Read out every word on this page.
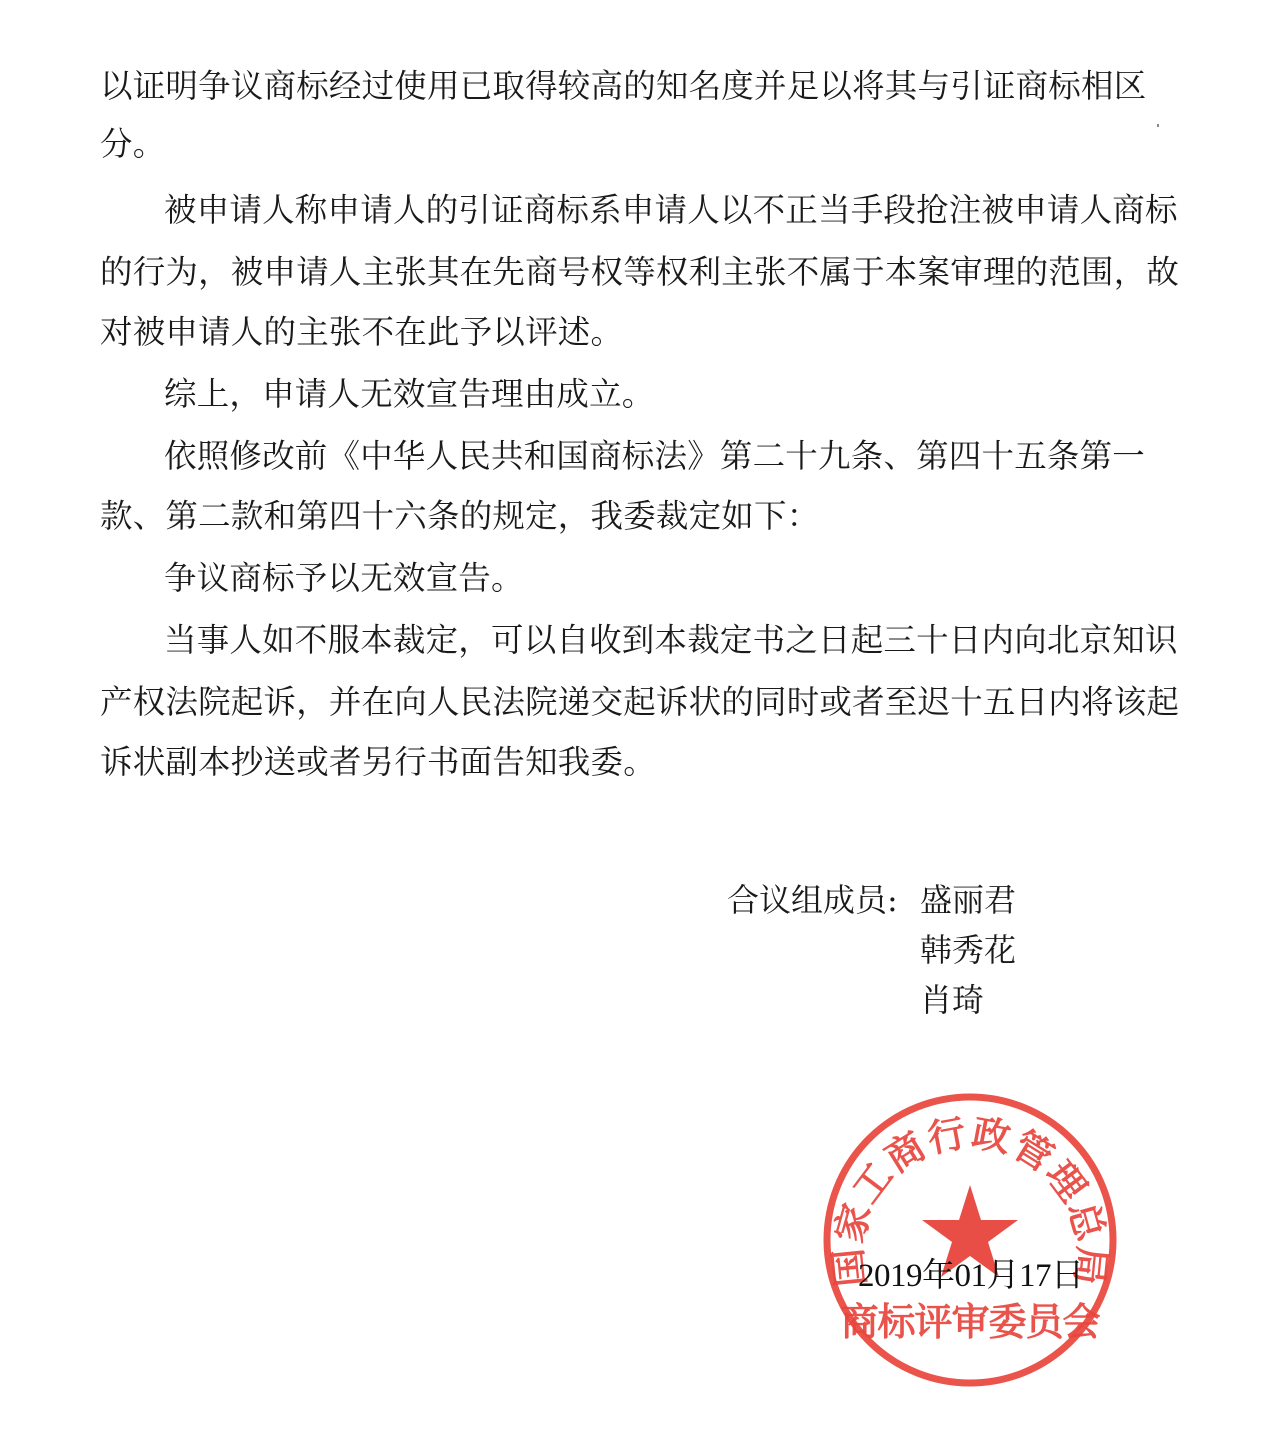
以证明争议商标经过使用已取得较高的知名度并足以将其与引证商标相区
分。
被申请人称申请人的引证商标系申请人以不正当手段抢注被申请人商标
的行为，被申请人主张其在先商号权等权利主张不属于本案审理的范围，故
对被申请人的主张不在此予以评述。
综上，申请人无效宣告理由成立。
依照修改前《中华人民共和国商标法》第二十九条、第四十五条第一
款、第二款和第四十六条的规定，我委裁定如下：
争议商标予以无效宣告。
当事人如不服本裁定，可以自收到本裁定书之日起三十日内向北京知识
产权法院起诉，并在向人民法院递交起诉状的同时或者至迟十五日内将该起
诉状副本抄送或者另行书面告知我委。
合议组成员: 盛丽君
韩秀花
肖琦
国家工商行政管理总局
商标评审委员会
2019年01月17日
